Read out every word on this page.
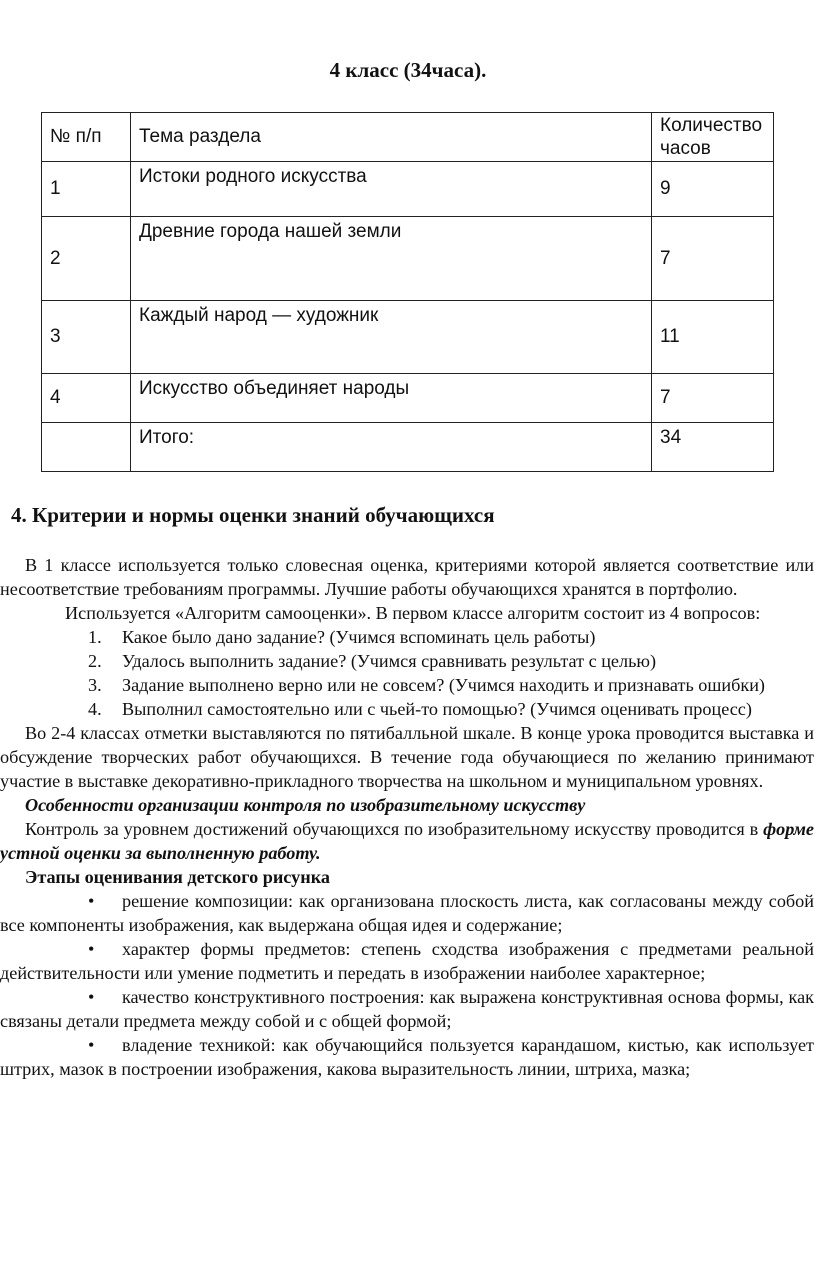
4 класс (34часа).
№ п/п	Тема раздела	Количество часов
1	Истоки родного искусства	9
2	Древние города нашей земли	7
3	Каждый народ — художник	11
4	Искусство объединяет народы	7
	Итого:	34
4. Критерии и нормы оценки знаний обучающихся

В 1 классе используется только словесная оценка, критериями которой является соответствие или несоответствие требованиям программы. Лучшие работы обучающихся хранятся в портфолио.

Используется «Алгоритм самооценки». В первом классе алгоритм состоит из 4 вопросов:

1. Какое было дано задание? (Учимся вспоминать цель работы)
2. Удалось выполнить задание? (Учимся сравнивать результат с целью)
3. Задание выполнено верно или не совсем? (Учимся находить и признавать ошибки)
4. Выполнил самостоятельно или с чьей-то помощью? (Учимся оценивать процесс)

Во 2-4 классах отметки выставляются по пятибалльной шкале. В конце урока проводится выставка и обсуждение творческих работ обучающихся. В течение года обучающиеся по желанию принимают участие в выставке декоративно-прикладного творчества на школьном и муниципальном уровнях.

Особенности организации контроля по изобразительному искусству

Контроль за уровнем достижений обучающихся по изобразительному искусству проводится в форме устной оценки за выполненную работу.

Этапы оценивания детского рисунка

• решение композиции: как организована плоскость листа, как согласованы между собой все компоненты изображения, как выдержана общая идея и содержание;
• характер формы предметов: степень сходства изображения с предметами реальной действительности или умение подметить и передать в изображении наиболее характерное;
• качество конструктивного построения: как выражена конструктивная основа формы, как связаны детали предмета между собой и с общей формой;
• владение техникой: как обучающийся пользуется карандашом, кистью, как использует штрих, мазок в построении изображения, какова выразительность линии, штриха, мазка;
